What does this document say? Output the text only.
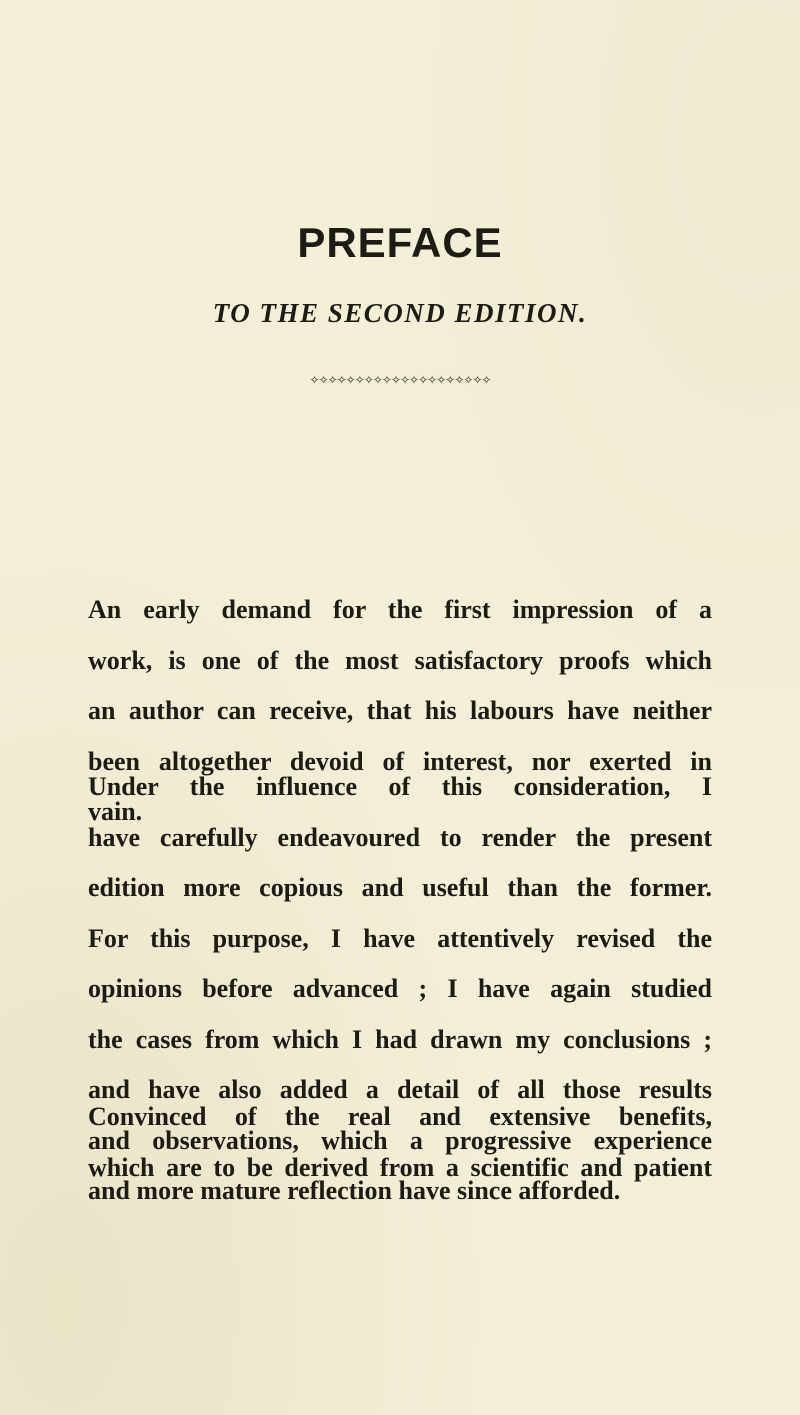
PREFACE
TO THE SECOND EDITION.
✧✧✧✧✧✧✧✧✧✧✧✧✧✧✧✧✧✧✧✧
An early demand for the first impression of a
work, is one of the most satisfactory proofs which
an author can receive, that his labours have neither
been altogether devoid of interest, nor exerted in
vain.
Under the influence of this consideration, I
have carefully endeavoured to render the present
edition more copious and useful than the former.
For this purpose, I have attentively revised the
opinions before advanced ; I have again studied
the cases from which I had drawn my conclusions ;
and have also added a detail of all those results
and observations, which a progressive experience
and more mature reflection have since afforded.
Convinced of the real and extensive benefits,
which are to be derived from a scientific and patient
